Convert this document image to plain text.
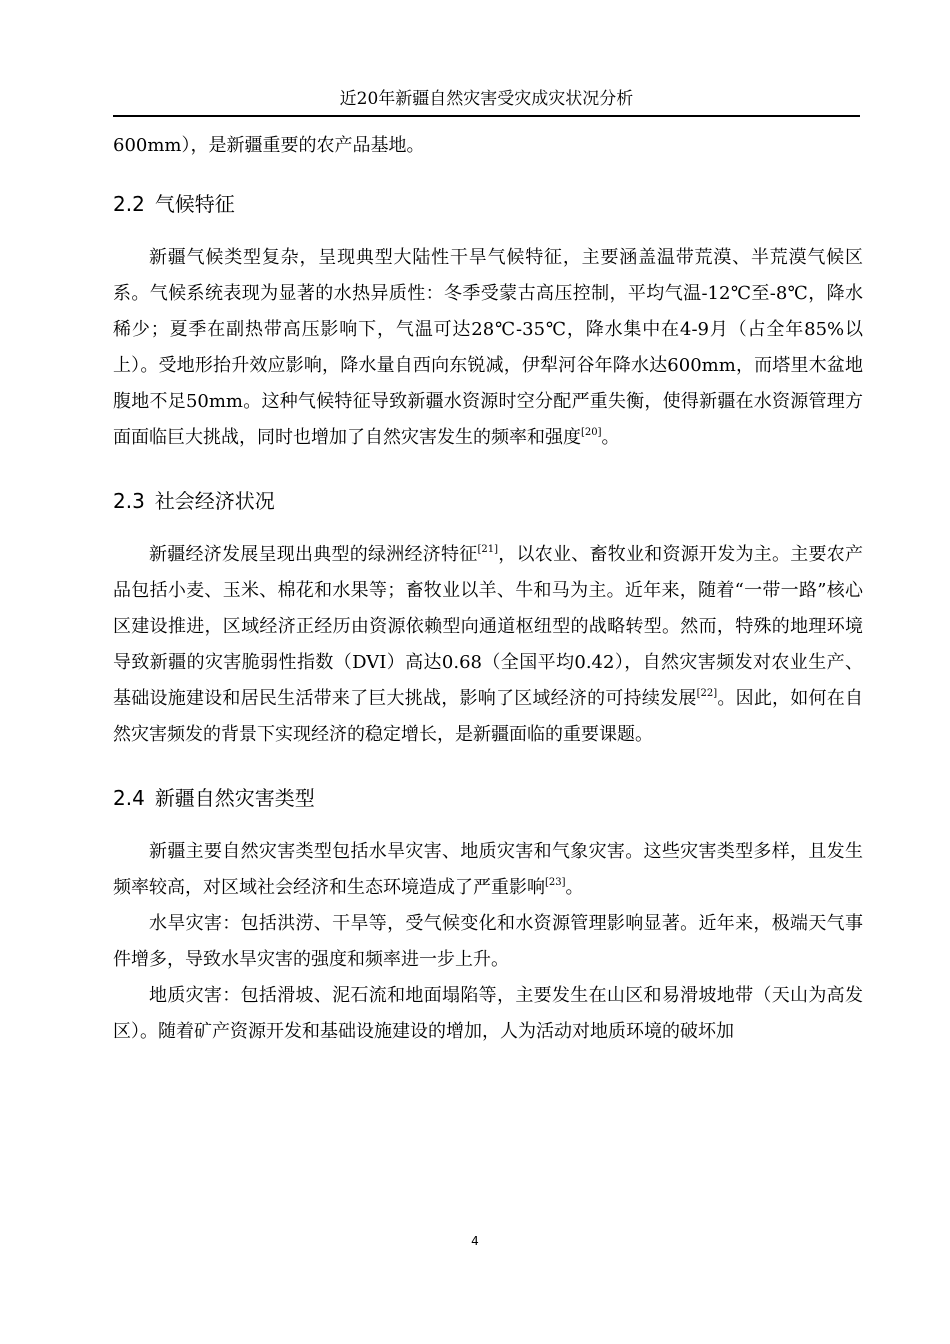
近20年新疆自然灾害受灾成灾状况分析

600mm），是新疆重要的农产品基地。

2.2 气候特征

新疆气候类型复杂，呈现典型大陆性干旱气候特征，主要涵盖温带荒漠、半荒漠气候区系。气候系统表现为显著的水热异质性：冬季受蒙古高压控制，平均气温-12℃至-8℃，降水稀少；夏季在副热带高压影响下，气温可达28℃-35℃，降水集中在4-9月（占全年85%以上）。受地形抬升效应影响，降水量自西向东锐减，伊犁河谷年降水达600mm，而塔里木盆地腹地不足50mm。这种气候特征导致新疆水资源时空分配严重失衡，使得新疆在水资源管理方面面临巨大挑战，同时也增加了自然灾害发生的频率和强度[20]。

2.3 社会经济状况

新疆经济发展呈现出典型的绿洲经济特征[21]，以农业、畜牧业和资源开发为主。主要农产品包括小麦、玉米、棉花和水果等；畜牧业以羊、牛和马为主。近年来，随着“一带一路”核心区建设推进，区域经济正经历由资源依赖型向通道枢纽型的战略转型。然而，特殊的地理环境导致新疆的灾害脆弱性指数（DVI）高达0.68（全国平均0.42），自然灾害频发对农业生产、基础设施建设和居民生活带来了巨大挑战，影响了区域经济的可持续发展[22]。因此，如何在自然灾害频发的背景下实现经济的稳定增长，是新疆面临的重要课题。

2.4 新疆自然灾害类型

新疆主要自然灾害类型包括水旱灾害、地质灾害和气象灾害。这些灾害类型多样，且发生频率较高，对区域社会经济和生态环境造成了严重影响[23]。

水旱灾害：包括洪涝、干旱等，受气候变化和水资源管理影响显著。近年来，极端天气事件增多，导致水旱灾害的强度和频率进一步上升。

地质灾害：包括滑坡、泥石流和地面塌陷等，主要发生在山区和易滑坡地带（天山为高发区）。随着矿产资源开发和基础设施建设的增加，人为活动对地质环境的破坏加

4
